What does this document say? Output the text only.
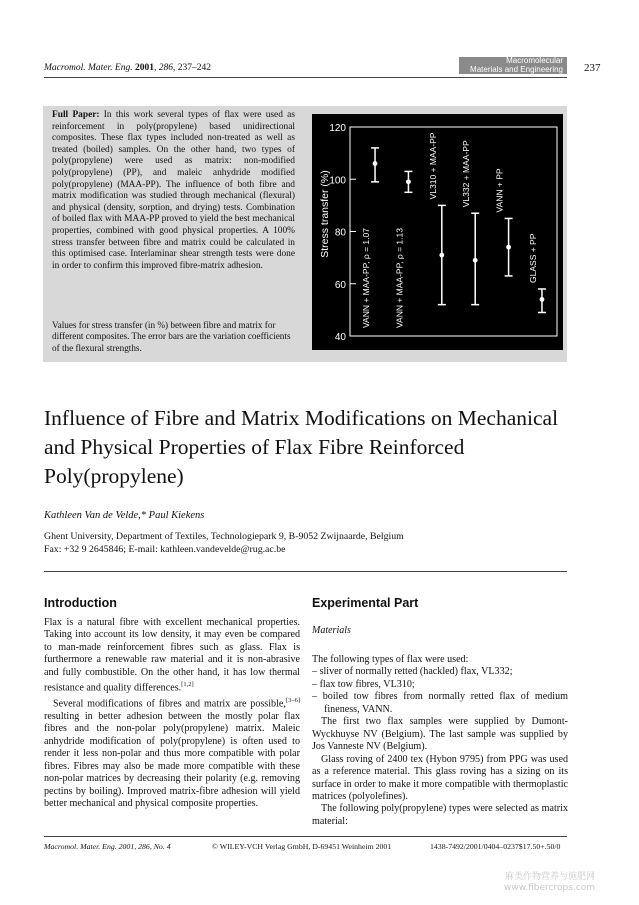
Macromol. Mater. Eng. 2001, 286, 237–242
Macromolecular
Materials and Engineering 237
Full Paper: In this work several types of flax were used as reinforcement in poly(propylene) based unidirectional composites. These flax types included non-treated as well as treated (boiled) samples. On the other hand, two types of poly(propylene) were used as matrix: non-modified poly(propylene) (PP), and maleic anhydride modified poly(propylene) (MAA-PP). The influence of both fibre and matrix modification was studied through mechanical (flexural) and physical (density, sorption, and drying) tests. Combination of boiled flax with MAA-PP proved to yield the best mechanical properties, combined with good physical properties. A 100% stress transfer between fibre and matrix could be calculated in this optimised case. Interlaminar shear strength tests were done in order to confirm this improved fibre-matrix adhesion.
Values for stress transfer (in %) between fibre and matrix for different composites. The error bars are the variation coefficients of the flexural strengths.
40
60
80
100
120
VANN + MAA-PP, ρ = 1.07	VANN + MAA-PP, ρ = 1.13
VL310 + MAA-PP	VL332 + MAA-PP	VANN + PP
GLASS + PP
Stress transfer (%)
Influence of Fibre and Matrix Modifications on Mechanical and Physical Properties of Flax Fibre Reinforced Poly(propylene)
Kathleen Van de Velde,* Paul Kiekens
Ghent University, Department of Textiles, Technologiepark 9, B-9052 Zwijnaarde, Belgium
Fax: +32 9 2645846; E-mail: kathleen.vandevelde@rug.ac.be
Introduction

Flax is a natural fibre with excellent mechanical properties. Taking into account its low density, it may even be compared to man-made reinforcement fibres such as glass. Flax is furthermore a renewable raw material and it is non-abrasive and fully combustible. On the other hand, it has low thermal resistance and quality differences.[1,2]

Several modifications of fibres and matrix are possible,[3–6] resulting in better adhesion between the mostly polar flax fibres and the non-polar poly(propylene) matrix. Maleic anhydride modification of poly(propylene) is often used to render it less non-polar and thus more compatible with polar fibres. Fibres may also be made more compatible with these non-polar matrices by decreasing their polarity (e.g. removing pectins by boiling). Improved matrix-fibre adhesion will yield better mechanical and physical composite properties.

Experimental Part
Materials

The following types of flax were used:

– sliver of normally retted (hackled) flax, VL332;
– flax tow fibres, VL310;
– boiled tow fibres from normally retted flax of medium fineness, VANN.

The first two flax samples were supplied by Dumont-Wyckhuyse NV (Belgium). The last sample was supplied by Jos Vanneste NV (Belgium).

Glass roving of 2400 tex (Hybon 9795) from PPG was used as a reference material. This glass roving has a sizing on its surface in order to make it more compatible with thermoplastic matrices (polyolefines).

The following poly(propylene) types were selected as matrix material:

Macromol. Mater. Eng. 2001, 286, No. 4	© WILEY-VCH Verlag GmbH, D-69451 Weinheim 2001	1438-7492/2001/0404–0237$17.50+.50/0
麻类作物营养与施肥网
www.fibercrops.com
